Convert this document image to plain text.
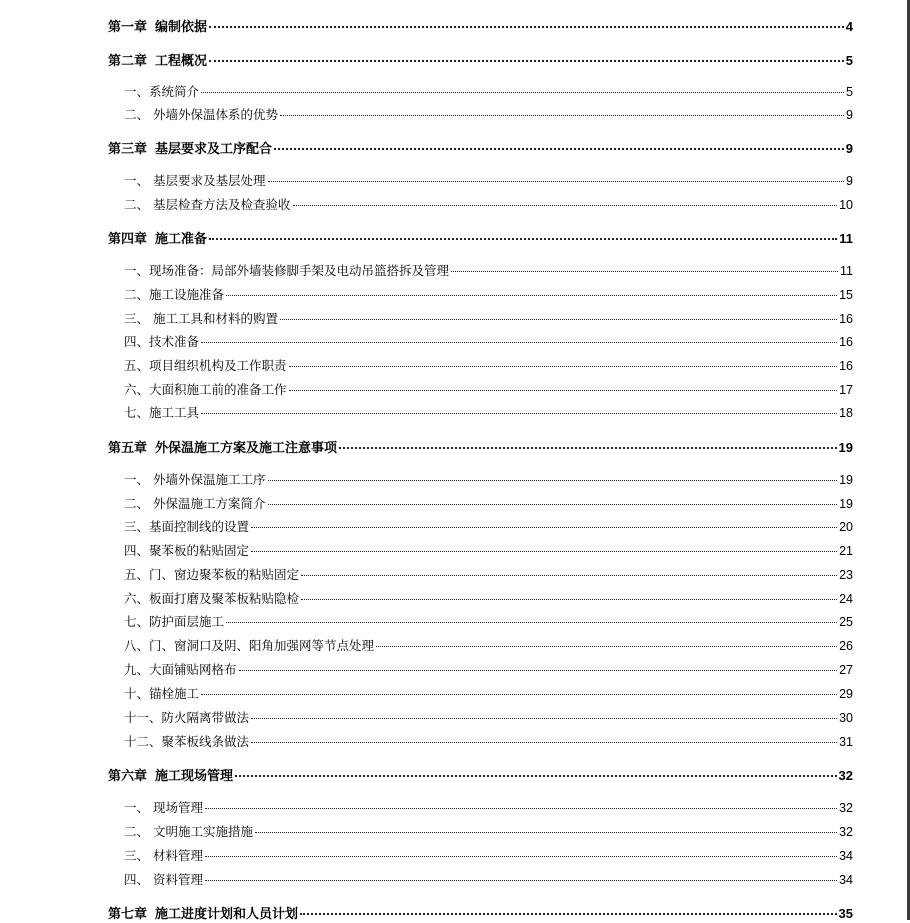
第一章 编制依据	4
第二章 工程概况	5
一、系统简介	5
二、 外墙外保温体系的优势	9
第三章 基层要求及工序配合	9
一、 基层要求及基层处理	9
二、 基层检查方法及检查验收	10
第四章 施工准备	11
一、现场准备：局部外墙装修脚手架及电动吊篮搭拆及管理	11
二、施工设施准备	15
三、 施工工具和材料的购置	16
四、技术准备	16
五、项目组织机构及工作职责	16
六、大面积施工前的准备工作	17
七、施工工具	18
第五章 外保温施工方案及施工注意事项	19
一、 外墙外保温施工工序	19
二、 外保温施工方案简介	19
三、基面控制线的设置	20
四、聚苯板的粘贴固定	21
五、门、窗边聚苯板的粘贴固定	23
六、板面打磨及聚苯板粘贴隐检	24
七、防护面层施工	25
八、门、窗洞口及阴、阳角加强网等节点处理	26
九、大面铺贴网格布	27
十、锚栓施工	29
十一、防火隔离带做法	30
十二、聚苯板线条做法	31
第六章 施工现场管理	32
一、 现场管理	32
二、 文明施工实施措施	32
三、 材料管理	34
四、 资料管理	34
第七章 施工进度计划和人员计划	35
